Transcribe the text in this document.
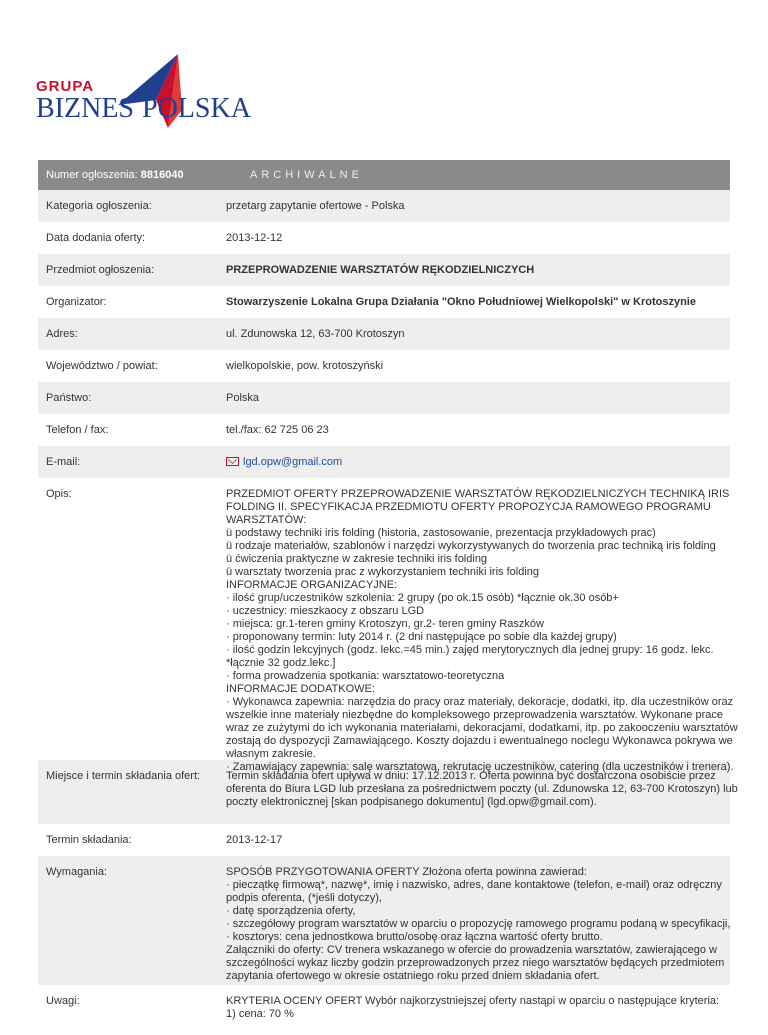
GRUPA
BIZNES POLSKA
Numer ogłoszenia: 8816040	ARCHIWALNE
Kategoria ogłoszenia:	przetarg zapytanie ofertowe - Polska
Data dodania oferty:	2013-12-12
Przedmiot ogłoszenia:	PRZEPROWADZENIE WARSZTATÓW RĘKODZIELNICZYCH
Organizator:	Stowarzyszenie Lokalna Grupa Działania "Okno Południowej Wielkopolski" w Krotoszynie
Adres:	ul. Zdunowska 12, 63-700 Krotoszyn
Województwo / powiat:	wielkopolskie, pow. krotoszyński
Państwo:	Polska
Telefon / fax:	tel./fax: 62 725 06 23
E-mail:	lgd.opw@gmail.com
Opis:	PRZEDMIOT OFERTY PRZEPROWADZENIE WARSZTATÓW RĘKODZIELNICZYCH TECHNIKĄ IRIS
FOLDING II. SPECYFIKACJA PRZEDMIOTU OFERTY PROPOZYCJA RAMOWEGO PROGRAMU
WARSZTATÓW:
ü podstawy techniki iris folding (historia, zastosowanie, prezentacja przykładowych prac)
ü rodzaje materiałów, szablonów i narzędzi wykorzystywanych do tworzenia prac techniką iris folding
ü ćwiczenia praktyczne w zakresie techniki iris folding
ü warsztaty tworzenia prac z wykorzystaniem techniki iris folding
INFORMACJE ORGANIZACYJNE:
· ilość grup/uczestników szkolenia: 2 grupy (po ok.15 osób) *łącznie ok.30 osób+
· uczestnicy: mieszkaocy z obszaru LGD
· miejsca: gr.1-teren gminy Krotoszyn, gr.2- teren gminy Raszków
· proponowany termin: luty 2014 r. (2 dni następujące po sobie dla każdej grupy)
· ilość godzin lekcyjnych (godz. lekc.=45 min.) zajęd merytorycznych dla jednej grupy: 16 godz. lekc.
*łącznie 32 godz.lekc.]
· forma prowadzenia spotkania: warsztatowo-teoretyczna
INFORMACJE DODATKOWE:
· Wykonawca zapewnia: narzędzia do pracy oraz materiały, dekoracje, dodatki, itp. dla uczestników oraz
wszelkie inne materiały niezbędne do kompleksowego przeprowadzenia warsztatów. Wykonane prace
wraz ze zużytymi do ich wykonania materiałami, dekoracjami, dodatkami, itp. po zakooczeniu warsztatów
zostają do dyspozycji Zamawiającego. Koszty dojazdu i ewentualnego noclegu Wykonawca pokrywa we
własnym zakresie.
· Zamawiający zapewnia: salę warsztatową, rekrutację uczestników, catering (dla uczestników i trenera).
Miejsce i termin składania ofert:	Termin składania ofert upływa w dniu: 17.12.2013 r. Oferta powinna być dostarczona osobiście przez
oferenta do Biura LGD lub przesłana za pośrednictwem poczty (ul. Zdunowska 12, 63-700 Krotoszyn) lub
poczty elektronicznej [skan podpisanego dokumentu] (lgd.opw@gmail.com).
Termin składania:	2013-12-17
Wymagania:	SPOSÓB PRZYGOTOWANIA OFERTY Złożona oferta powinna zawierad:
· pieczątkę firmową*, nazwę*, imię i nazwisko, adres, dane kontaktowe (telefon, e-mail) oraz odręczny
podpis oferenta, (*jeśli dotyczy),
· datę sporządzenia oferty,
· szczegółowy program warsztatów w oparciu o propozycję ramowego programu podaną w specyfikacji,
· kosztorys: cena jednostkowa brutto/osobę oraz łączna wartość oferty brutto.
Załączniki do oferty: CV trenera wskazanego w ofercie do prowadzenia warsztatów, zawierającego w
szczególności wykaz liczby godzin przeprowadzonych przez niego warsztatów będących przedmiotem
zapytania ofertowego w okresie ostatniego roku przed dniem składania ofert.
Uwagi:	KRYTERIA OCENY OFERT Wybór najkorzystniejszej oferty nastąpi w oparciu o następujące kryteria:
1) cena: 70 %
